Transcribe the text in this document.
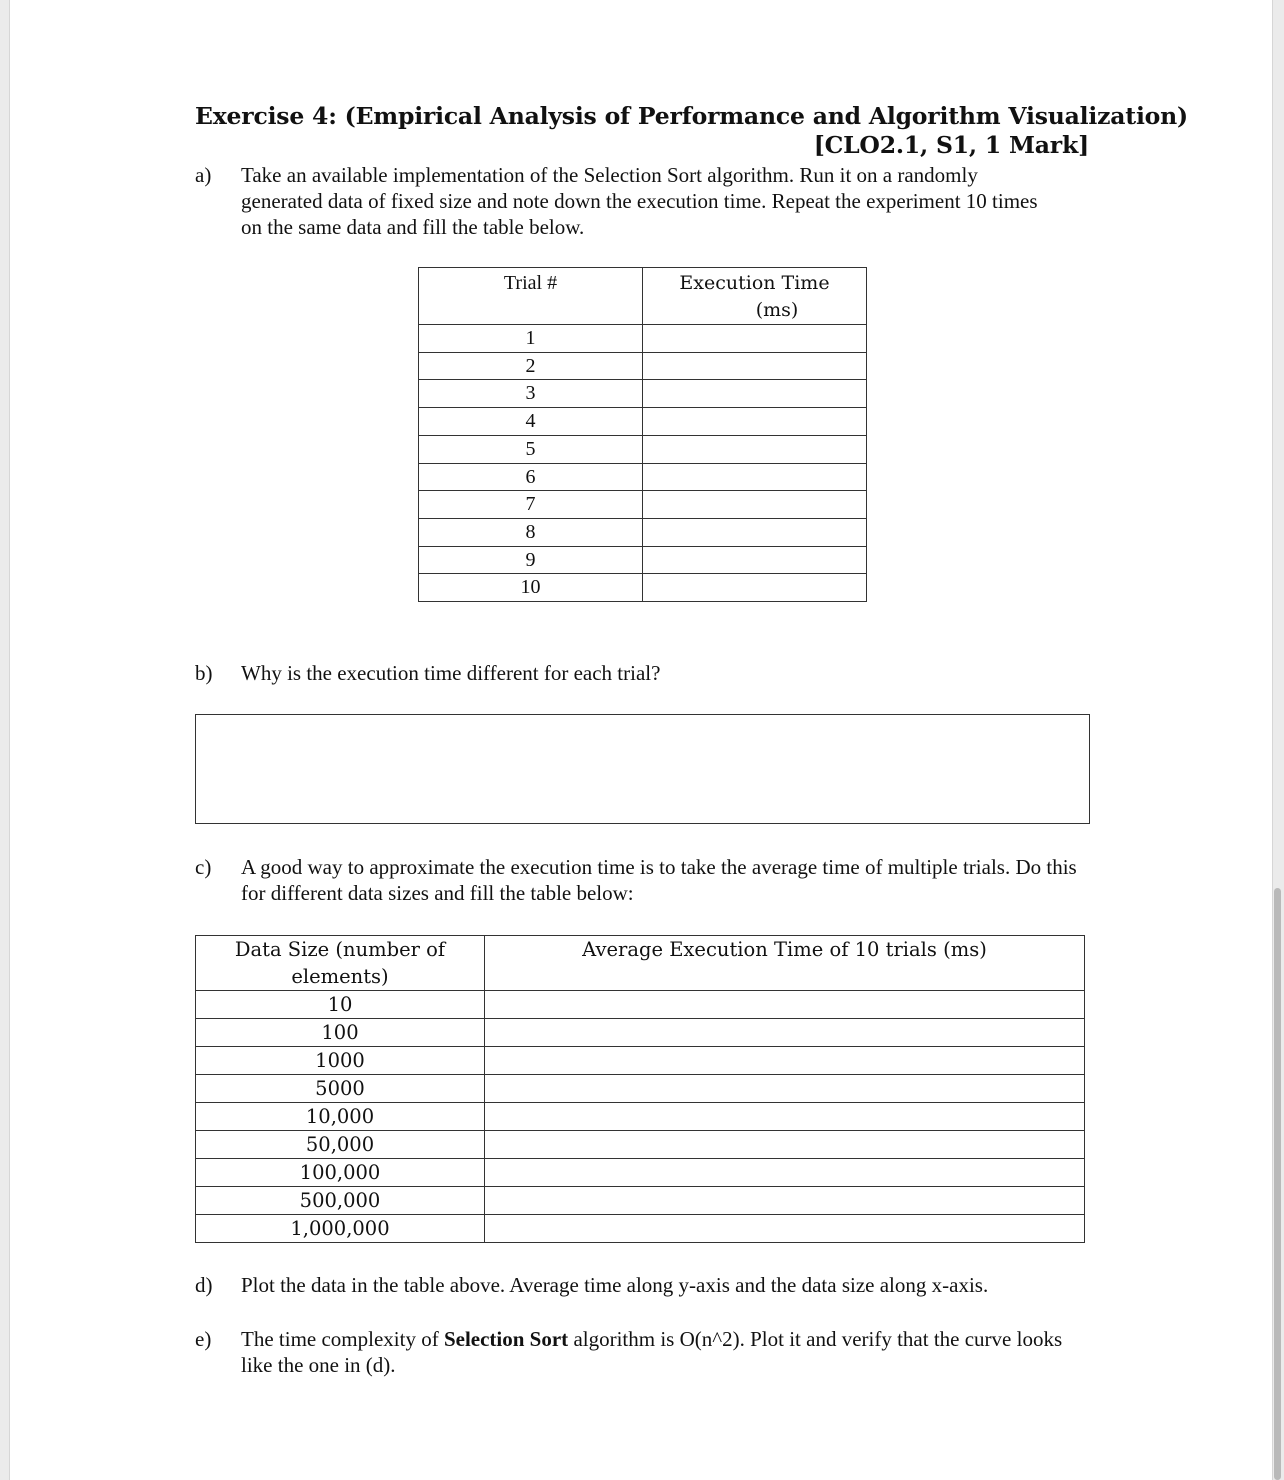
Exercise 4: (Empirical Analysis of Performance and Algorithm Visualization)
[CLO2.1, S1, 1 Mark]
a) Take an available implementation of the Selection Sort algorithm. Run it on a randomly generated data of fixed size and note down the execution time. Repeat the experiment 10 times on the same data and fill the table below.
Trial #	Execution Time
(ms)
1	
2	
3	
4	
5	
6	
7	
8	
9	
10	
b) Why is the execution time different for each trial?
c) A good way to approximate the execution time is to take the average time of multiple trials. Do this for different data sizes and fill the table below:
Data Size (number of elements)	Average Execution Time of 10 trials (ms)
10	
100	
1000	
5000	
10,000	
50,000	
100,000	
500,000	
1,000,000	
d) Plot the data in the table above. Average time along y-axis and the data size along x-axis.
e) The time complexity of Selection Sort algorithm is O(n^2). Plot it and verify that the curve looks like the one in (d).
